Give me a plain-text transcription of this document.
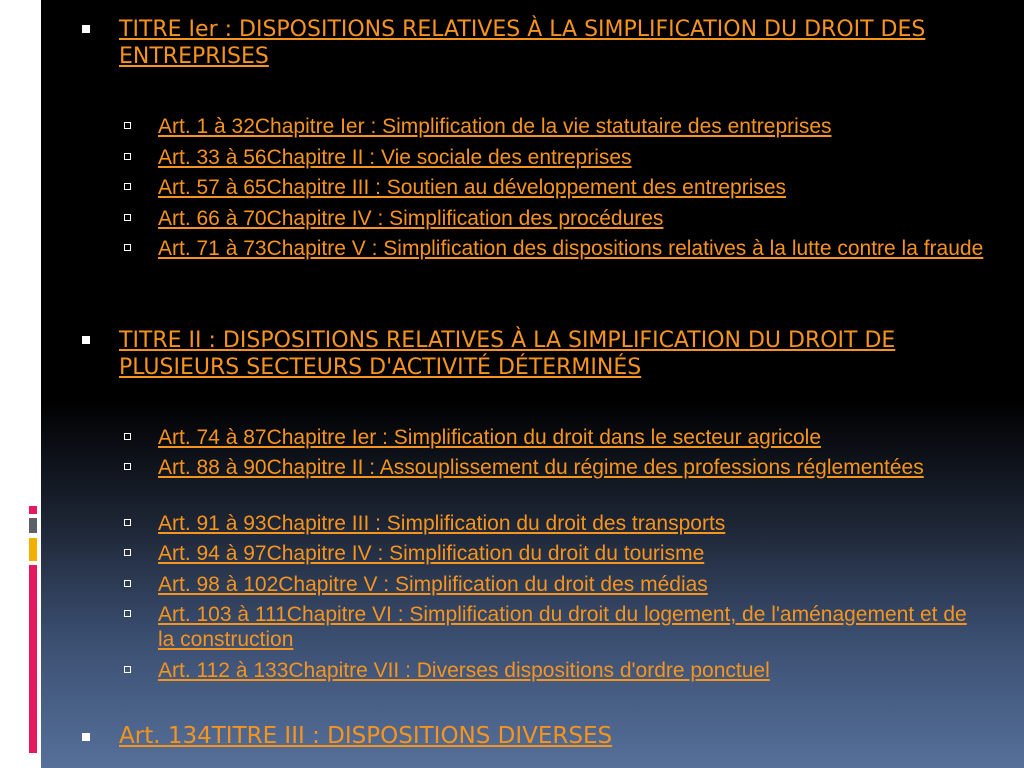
TITRE Ier : DISPOSITIONS RELATIVES À LA SIMPLIFICATION DU DROIT DES ENTREPRISES
Art. 1 à 32Chapitre Ier : Simplification de la vie statutaire des entreprises
Art. 33 à 56Chapitre II : Vie sociale des entreprises
Art. 57 à 65Chapitre III : Soutien au développement des entreprises
Art. 66 à 70Chapitre IV : Simplification des procédures
Art. 71 à 73Chapitre V : Simplification des dispositions relatives à la lutte contre la fraude
TITRE II : DISPOSITIONS RELATIVES À LA SIMPLIFICATION DU DROIT DE PLUSIEURS SECTEURS D'ACTIVITÉ DÉTERMINÉS
Art. 74 à 87Chapitre Ier : Simplification du droit dans le secteur agricole
Art. 88 à 90Chapitre II : Assouplissement du régime des professions réglementées
Art. 91 à 93Chapitre III : Simplification du droit des transports
Art. 94 à 97Chapitre IV : Simplification du droit du tourisme
Art. 98 à 102Chapitre V : Simplification du droit des médias
Art. 103 à 111Chapitre VI : Simplification du droit du logement, de l'aménagement et de la construction
Art. 112 à 133Chapitre VII : Diverses dispositions d'ordre ponctuel
Art. 134TITRE III : DISPOSITIONS DIVERSES
